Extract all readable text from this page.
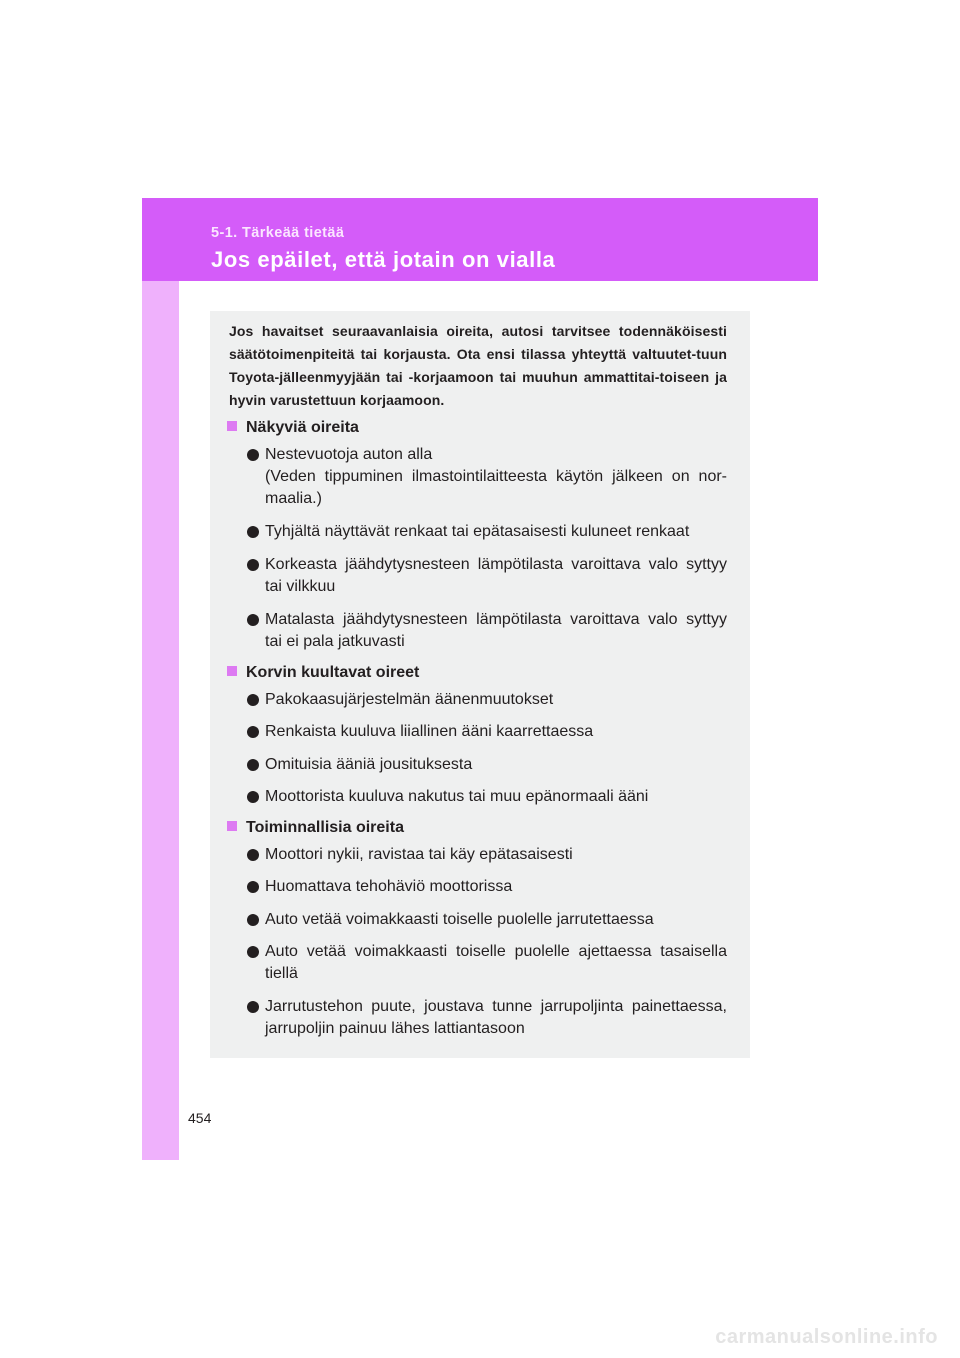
5-1. Tärkeää tietää
Jos epäilet, että jotain on vialla
454
Jos havaitset seuraavanlaisia oireita, autosi tarvitsee todennäköisesti säätötoimenpiteitä tai korjausta. Ota ensi tilassa yhteyttä valtuutet-tuun Toyota-jälleenmyyjään tai -korjaamoon tai muuhun ammattitai-toiseen ja hyvin varustettuun korjaamoon.
Näkyviä oireita
Nestevuotoja auton alla
(Veden tippuminen ilmastointilaitteesta käytön jälkeen on nor-maalia.)
Tyhjältä näyttävät renkaat tai epätasaisesti kuluneet renkaat
Korkeasta jäähdytysnesteen lämpötilasta varoittava valo syttyy tai vilkkuu
Matalasta jäähdytysnesteen lämpötilasta varoittava valo syttyy tai ei pala jatkuvasti
Korvin kuultavat oireet
Pakokaasujärjestelmän äänenmuutokset
Renkaista kuuluva liiallinen ääni kaarrettaessa
Omituisia ääniä jousituksesta
Moottorista kuuluva nakutus tai muu epänormaali ääni
Toiminnallisia oireita
Moottori nykii, ravistaa tai käy epätasaisesti
Huomattava tehohäviö moottorissa
Auto vetää voimakkaasti toiselle puolelle jarrutettaessa
Auto vetää voimakkaasti toiselle puolelle ajettaessa tasaisella tiellä
Jarrutustehon puute, joustava tunne jarrupoljinta painettaessa, jarrupoljin painuu lähes lattiantasoon
carmanualsonline.info
